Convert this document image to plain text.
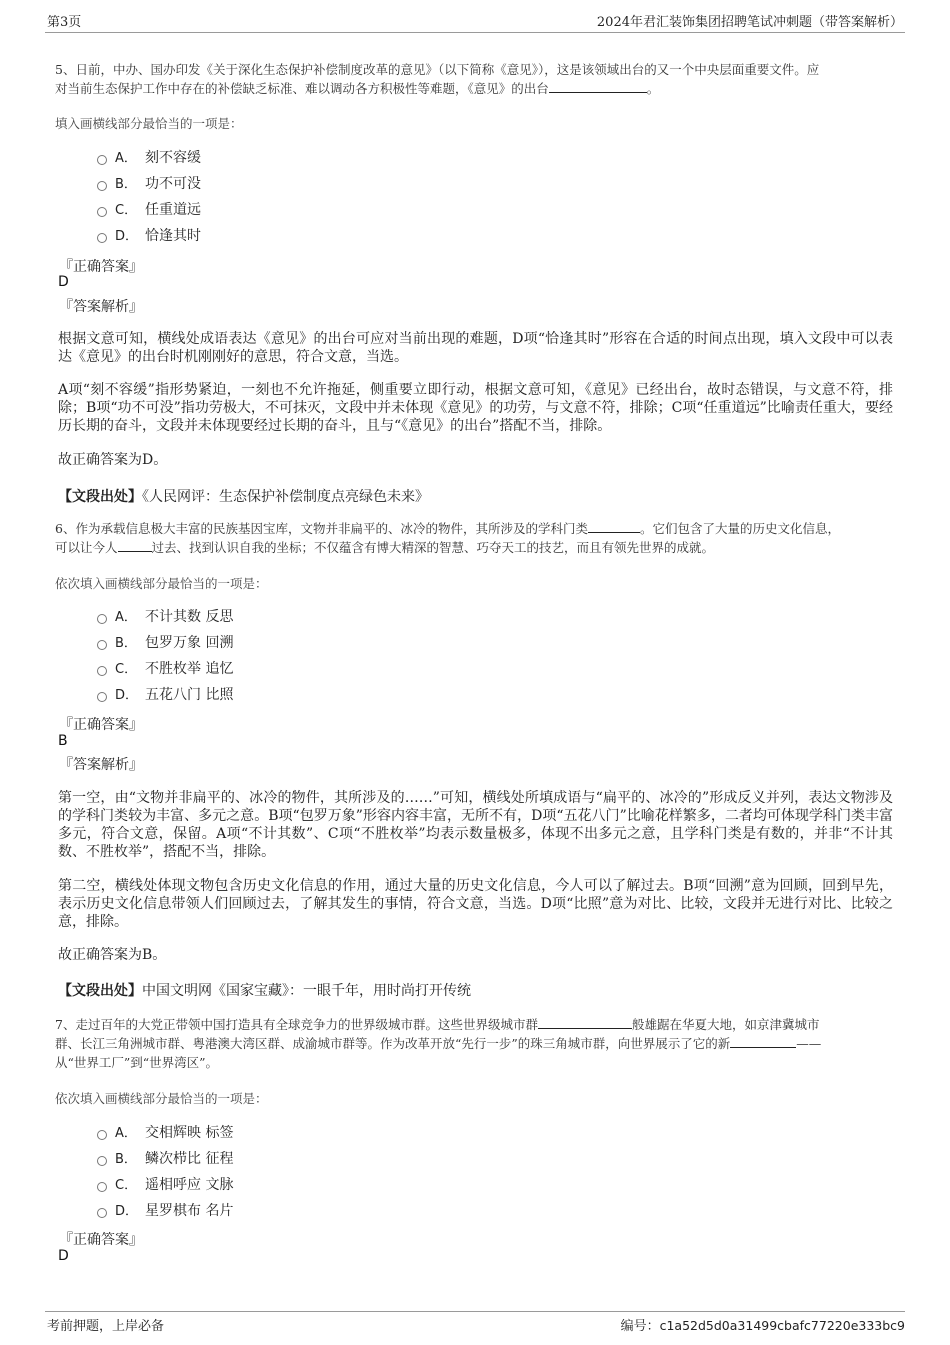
第3页	2024年君汇装饰集团招聘笔试冲刺题（带答案解析）
5、日前，中办、国办印发《关于深化生态保护补偿制度改革的意见》（以下简称《意见》），这是该领域出台的又一个中央层面重要文件。应
对当前生态保护工作中存在的补偿缺乏标准、难以调动各方积极性等难题，《意见》的出台	。
填入画横线部分最恰当的一项是：
A． 刻不容缓
B． 功不可没
C． 任重道远
D． 恰逢其时
『正确答案』
D
『答案解析』
根据文意可知，横线处成语表达《意见》的出台可应对当前出现的难题，D项“恰逢其时”形容在合适的时间点出现，填入文段中可以表达《意见》的出台时机刚刚好的意思，符合文意，当选。
A项“刻不容缓”指形势紧迫，一刻也不允许拖延，侧重要立即行动，根据文意可知，《意见》已经出台，故时态错误，与文意不符，排除；B项“功不可没”指功劳极大，不可抹灭，文段中并未体现《意见》的功劳，与文意不符，排除；C项“任重道远”比喻责任重大，要经历长期的奋斗，文段并未体现要经过长期的奋斗，且与“《意见》的出台”搭配不当，排除。
故正确答案为D。
【文段出处】《人民网评：生态保护补偿制度点亮绿色未来》
6、作为承载信息极大丰富的民族基因宝库，文物并非扁平的、冰冷的物件，其所涉及的学科门类	。它们包含了大量的历史文化信息，
可以让今人	过去、找到认识自我的坐标；不仅蕴含有博大精深的智慧、巧夺天工的技艺，而且有领先世界的成就。
依次填入画横线部分最恰当的一项是：
A． 不计其数 反思
B． 包罗万象 回溯
C． 不胜枚举 追忆
D． 五花八门 比照
『正确答案』
B
『答案解析』
第一空，由“文物并非扁平的、冰冷的物件，其所涉及的……”可知，横线处所填成语与“扁平的、冰冷的”形成反义并列，表达文物涉及的学科门类较为丰富、多元之意。B项“包罗万象”形容内容丰富，无所不有，D项“五花八门”比喻花样繁多，二者均可体现学科门类丰富多元，符合文意，保留。A项“不计其数”、C项“不胜枚举”均表示数量极多，体现不出多元之意，且学科门类是有数的，并非“不计其数、不胜枚举”，搭配不当，排除。
第二空，横线处体现文物包含历史文化信息的作用，通过大量的历史文化信息，今人可以了解过去。B项“回溯”意为回顾，回到早先，表示历史文化信息带领人们回顾过去，了解其发生的事情，符合文意，当选。D项“比照”意为对比、比较，文段并无进行对比、比较之意，排除。
故正确答案为B。
【文段出处】中国文明网《国家宝藏》：一眼千年，用时尚打开传统
7、走过百年的大党正带领中国打造具有全球竞争力的世界级城市群。这些世界级城市群	般雄踞在华夏大地，如京津冀城市
群、长江三角洲城市群、粤港澳大湾区群、成渝城市群等。作为改革开放“先行一步”的珠三角城市群，向世界展示了它的新	——
从“世界工厂”到“世界湾区”。
依次填入画横线部分最恰当的一项是：
A． 交相辉映 标签
B． 鳞次栉比 征程
C． 遥相呼应 文脉
D． 星罗棋布 名片
『正确答案』
D
考前押题，上岸必备	编号：c1a52d5d0a31499cbafc77220e333bc9
